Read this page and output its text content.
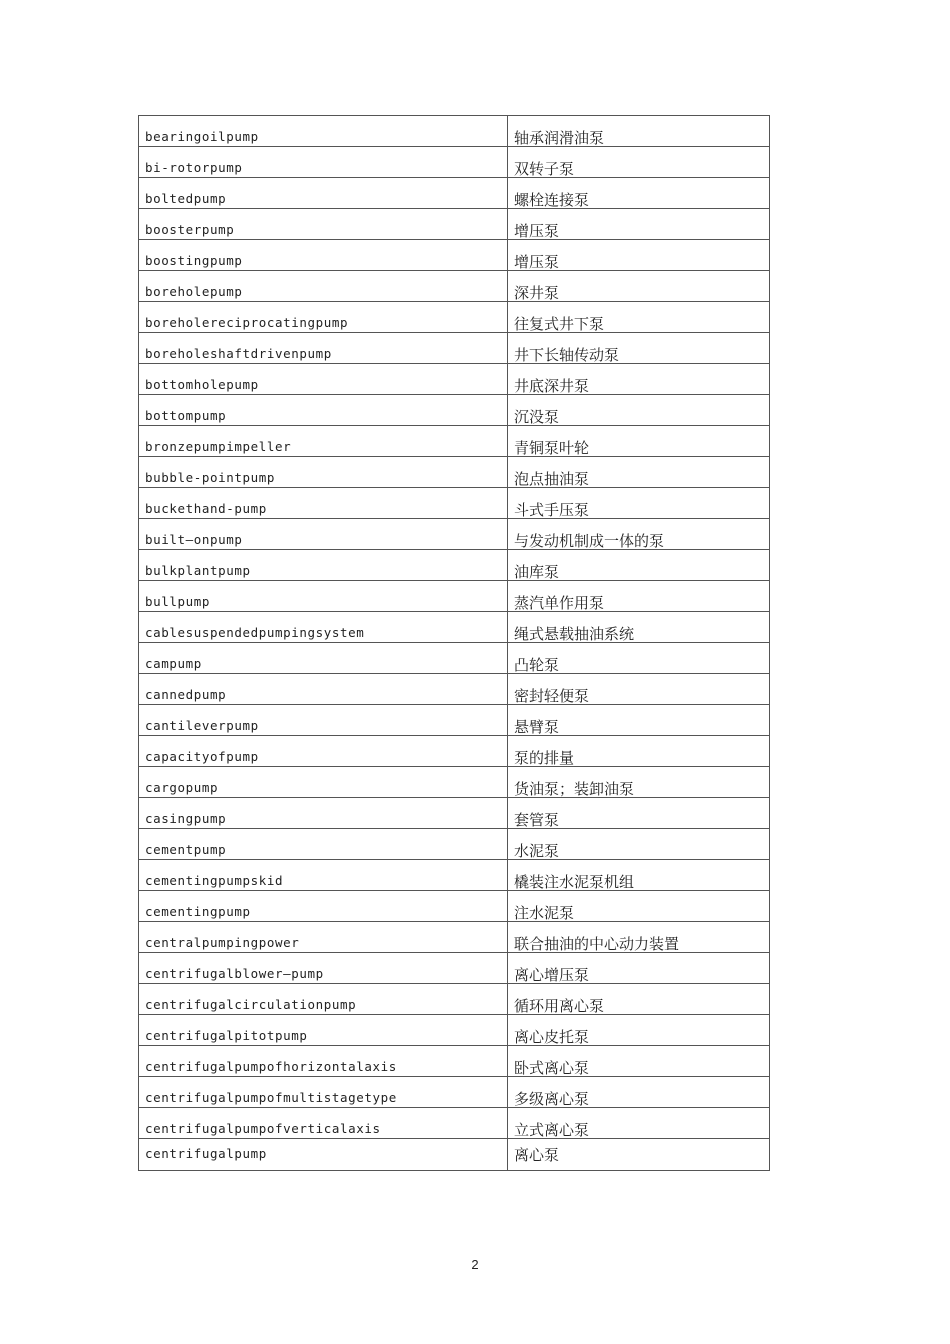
bearingoilpump	轴承润滑油泵
bi-rotorpump	双转子泵
boltedpump	螺栓连接泵
boosterpump	增压泵
boostingpump	增压泵
boreholepump	深井泵
boreholereciprocatingpump	往复式井下泵
boreholeshaftdrivenpump	井下长轴传动泵
bottomholepump	井底深井泵
bottompump	沉没泵
bronzepumpimpeller	青铜泵叶轮
bubble-pointpump	泡点抽油泵
buckethand-pump	斗式手压泵
built—onpump	与发动机制成一体的泵
bulkplantpump	油库泵
bullpump	蒸汽单作用泵
cablesuspendedpumpingsystem	绳式悬载抽油系统
campump	凸轮泵
cannedpump	密封轻便泵
cantileverpump	悬臂泵
capacityofpump	泵的排量
cargopump	货油泵；装卸油泵
casingpump	套管泵
cementpump	水泥泵
cementingpumpskid	橇装注水泥泵机组
cementingpump	注水泥泵
centralpumpingpower	联合抽油的中心动力装置
centrifugalblower—pump	离心增压泵
centrifugalcirculationpump	循环用离心泵
centrifugalpitotpump	离心皮托泵
centrifugalpumpofhorizontalaxis	卧式离心泵
centrifugalpumpofmultistagetype	多级离心泵
centrifugalpumpofverticalaxis	立式离心泵
centrifugalpump	离心泵
2
